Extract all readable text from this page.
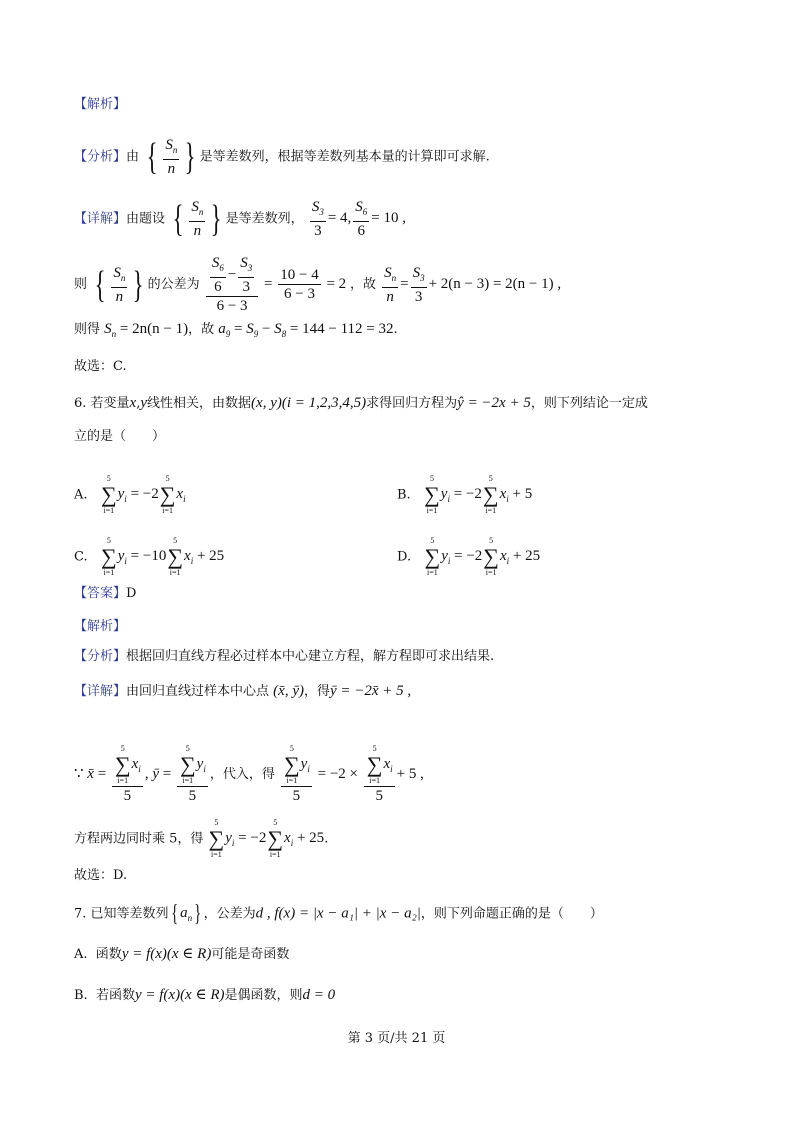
【解析】
【分析】由 { $\frac{S_n}{n}$ } 是等差数列，根据等差数列基本量的计算即可求解.
【详解】由题设 { $\frac{S_n}{n}$ } 是等差数列， $\frac{S_3}{3} = 4$, $\frac{S_6}{6} = 10$ ,
则 { $\frac{S_n}{n}$ } 的公差为 $\frac{\frac{S_6}{6} - \frac{S_3}{3}}{6 - 3} = \frac{10 - 4}{6 - 3} = 2$ ，故 $\frac{S_n}{n} = \frac{S_3}{3} + 2(n - 3) = 2(n - 1)$ ,
则得 $S_n = 2n(n - 1)$，故 $a_9 = S_9 - S_8 = 144 - 112 = 32$.
故选：C.
6. 若变量x,y线性相关，由数据(x, y)(i = 1,2,3,4,5)求得回归方程为ŷ = −2x + 5，则下列结论一定成
立的是（　　）
A.
5
∑
i=1
$y_i = -2$
5
∑
i=1
$x_i$	B.
5
∑
i=1
$y_i = -2$
5
∑
i=1
$x_i + 5$
C.
5
∑
i=1
$y_i = -10$
5
∑
i=1
$x_i + 25$	D.
5
∑
i=1
$y_i = -2$
5
∑
i=1
$x_i + 25$
【答案】D
【解析】
【分析】根据回归直线方程必过样本中心建立方程，解方程即可求出结果.
【详解】由回归直线过样本中心点 (x̄, ȳ)，得ȳ = −2x̄ + 5 ,
∵ x̄ = 5
∑
i=1
$x_i$
5 , ȳ = 5
∑
i=1
$y_i$
5 ，代入，得 5
∑
i=1
$y_i$
5 = −2 × 5
∑
i=1
$x_i$
5 + 5 ,
方程两边同时乘 5，得
5
∑
i=1
$y_i = -2$
5
∑
i=1
$x_i + 25$.
故选：D.
7. 已知等差数列{ $a_n$} ，公差为d , f(x) = |x − a₁| + |x − a₂|，则下列命题正确的是（　　）
A. 函数y = f(x)(x ∈ R)可能是奇函数
B. 若函数y = f(x)(x ∈ R)是偶函数，则d = 0
第 3 页/共 21 页
